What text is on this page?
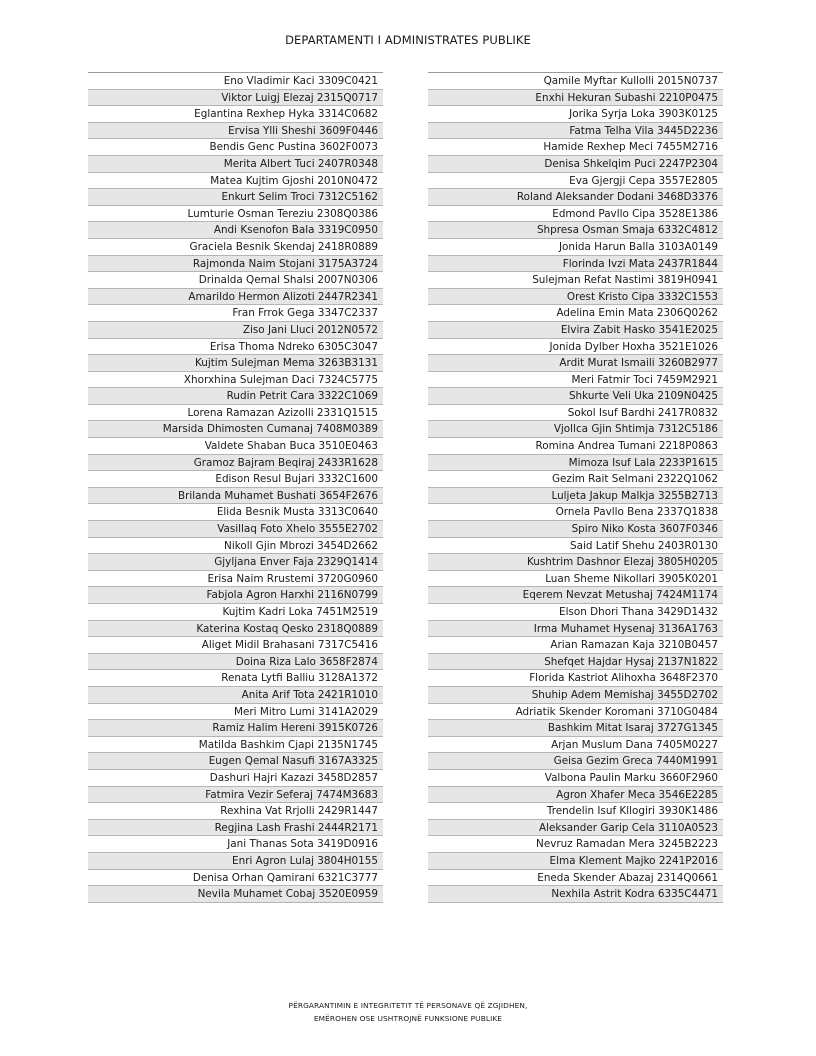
DEPARTAMENTI I ADMINISTRATES PUBLIKE
Eno Vladimir Kaci 3309C0421
Viktor Luigj Elezaj 2315Q0717
Eglantina Rexhep Hyka 3314C0682
Ervisa Ylli Sheshi 3609F0446
Bendis Genc Pustina 3602F0073
Merita Albert Tuci 2407R0348
Matea Kujtim Gjoshi 2010N0472
Enkurt Selim Troci 7312C5162
Lumturie Osman Tereziu 2308Q0386
Andi Ksenofon Bala 3319C0950
Graciela Besnik Skendaj 2418R0889
Rajmonda Naim Stojani 3175A3724
Drinalda Qemal Shalsi 2007N0306
Amarildo Hermon Alizoti 2447R2341
Fran Frrok Gega 3347C2337
Ziso Jani Lluci 2012N0572
Erisa Thoma Ndreko 6305C3047
Kujtim Sulejman Mema 3263B3131
Xhorxhina Sulejman Daci 7324C5775
Rudin Petrit Cara 3322C1069
Lorena Ramazan Azizolli 2331Q1515
Marsida Dhimosten Cumanaj 7408M0389
Valdete Shaban Buca 3510E0463
Gramoz Bajram Beqiraj 2433R1628
Edison Resul Bujari 3332C1600
Brilanda Muhamet Bushati 3654F2676
Elida Besnik Musta 3313C0640
Vasillaq Foto Xhelo 3555E2702
Nikoll Gjin Mbrozi 3454D2662
Gjyljana Enver Faja 2329Q1414
Erisa Naim Rrustemi 3720G0960
Fabjola Agron Harxhi 2116N0799
Kujtim Kadri Loka 7451M2519
Katerina Kostaq Qesko 2318Q0889
Aliget Midil Brahasani 7317C5416
Doina Riza Lalo 3658F2874
Renata Lytfi Balliu 3128A1372
Anita Arif Tota 2421R1010
Meri Mitro Lumi 3141A2029
Ramiz Halim Hereni 3915K0726
Matilda Bashkim Cjapi 2135N1745
Eugen Qemal Nasufi 3167A3325
Dashuri Hajri Kazazi 3458D2857
Fatmira Vezir Seferaj 7474M3683
Rexhina Vat Rrjolli 2429R1447
Regjina Lash Frashi 2444R2171
Jani Thanas Sota 3419D0916
Enri Agron Lulaj 3804H0155
Denisa Orhan Qamirani 6321C3777
Nevila Muhamet Cobaj 3520E0959
Qamile Myftar Kullolli 2015N0737
Enxhi Hekuran Subashi 2210P0475
Jorika Syrja Loka 3903K0125
Fatma Telha Vila 3445D2236
Hamide Rexhep Meci 7455M2716
Denisa Shkelqim Puci 2247P2304
Eva Gjergji Cepa 3557E2805
Roland Aleksander Dodani 3468D3376
Edmond Pavllo Cipa 3528E1386
Shpresa Osman Smaja 6332C4812
Jonida Harun Balla 3103A0149
Florinda Ivzi Mata 2437R1844
Sulejman Refat Nastimi 3819H0941
Orest Kristo Cipa 3332C1553
Adelina Emin Mata 2306Q0262
Elvira Zabit Hasko 3541E2025
Jonida Dylber Hoxha 3521E1026
Ardit Murat Ismaili 3260B2977
Meri Fatmir Toci 7459M2921
Shkurte Veli Uka 2109N0425
Sokol Isuf Bardhi 2417R0832
Vjollca Gjin Shtimja 7312C5186
Romina Andrea Tumani 2218P0863
Mimoza Isuf Lala 2233P1615
Gezim Rait Selmani 2322Q1062
Luljeta Jakup Malkja 3255B2713
Ornela Pavllo Bena 2337Q1838
Spiro Niko Kosta 3607F0346
Said Latif Shehu 2403R0130
Kushtrim Dashnor Elezaj 3805H0205
Luan Sheme Nikollari 3905K0201
Eqerem Nevzat Metushaj 7424M1174
Elson Dhori Thana 3429D1432
Irma Muhamet Hysenaj 3136A1763
Arian Ramazan Kaja 3210B0457
Shefqet Hajdar Hysaj 2137N1822
Florida Kastriot Alihoxha 3648F2370
Shuhip Adem Memishaj 3455D2702
Adriatik Skender Koromani 3710G0484
Bashkim Mitat Isaraj 3727G1345
Arjan Muslum Dana 7405M0227
Geisa Gezim Greca 7440M1991
Valbona Paulin Marku 3660F2960
Agron Xhafer Meca 3546E2285
Trendelin Isuf Kllogiri 3930K1486
Aleksander Garip Cela 3110A0523
Nevruz Ramadan Mera 3245B2223
Elma Klement Majko 2241P2016
Eneda Skender Abazaj 2314Q0661
Nexhila Astrit Kodra 6335C4471
PËRGARANTIMIN E INTEGRITETIT TË PERSONAVE QË ZGJIDHEN,
EMËROHEN OSE USHTROJNË FUNKSIONE PUBLIKE
